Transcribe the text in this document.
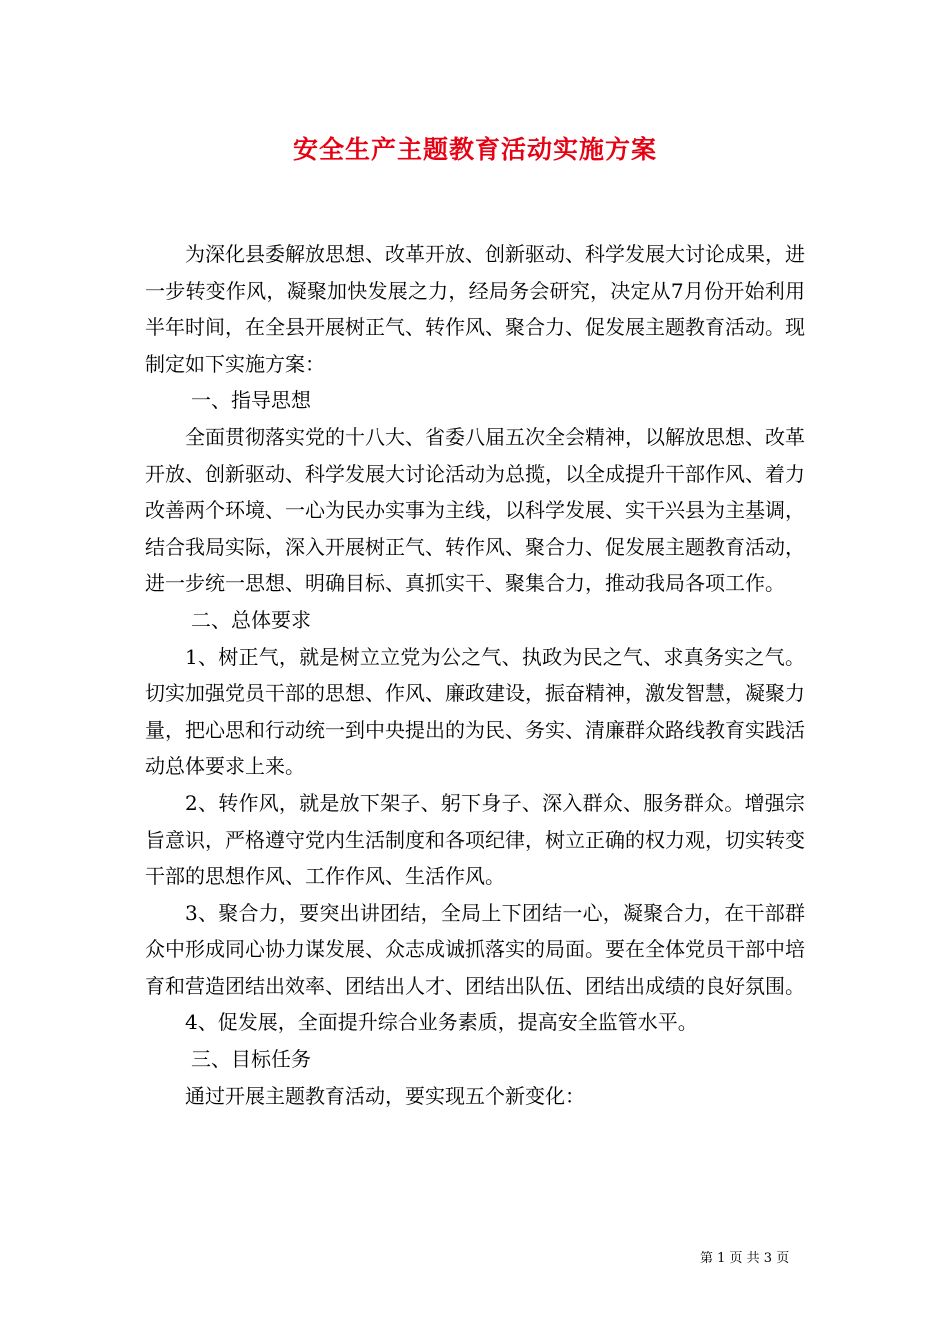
安全生产主题教育活动实施方案

为深化县委解放思想、改革开放、创新驱动、科学发展大讨论成果，进一步转变作风，凝聚加快发展之力，经局务会研究，决定从7月份开始利用半年时间，在全县开展树正气、转作风、聚合力、促发展主题教育活动。现制定如下实施方案：

一、指导思想

全面贯彻落实党的十八大、省委八届五次全会精神，以解放思想、改革开放、创新驱动、科学发展大讨论活动为总揽，以全成提升干部作风、着力改善两个环境、一心为民办实事为主线，以科学发展、实干兴县为主基调，结合我局实际，深入开展树正气、转作风、聚合力、促发展主题教育活动，进一步统一思想、明确目标、真抓实干、聚集合力，推动我局各项工作。

二、总体要求

1、树正气，就是树立立党为公之气、执政为民之气、求真务实之气。切实加强党员干部的思想、作风、廉政建设，振奋精神，激发智慧，凝聚力量，把心思和行动统一到中央提出的为民、务实、清廉群众路线教育实践活动总体要求上来。

2、转作风，就是放下架子、躬下身子、深入群众、服务群众。增强宗旨意识，严格遵守党内生活制度和各项纪律，树立正确的权力观，切实转变干部的思想作风、工作作风、生活作风。

3、聚合力，要突出讲团结，全局上下团结一心，凝聚合力，在干部群众中形成同心协力谋发展、众志成诚抓落实的局面。要在全体党员干部中培育和营造团结出效率、团结出人才、团结出队伍、团结出成绩的良好氛围。

4、促发展，全面提升综合业务素质，提高安全监管水平。

三、目标任务

通过开展主题教育活动，要实现五个新变化：

第 1 页 共 3 页
